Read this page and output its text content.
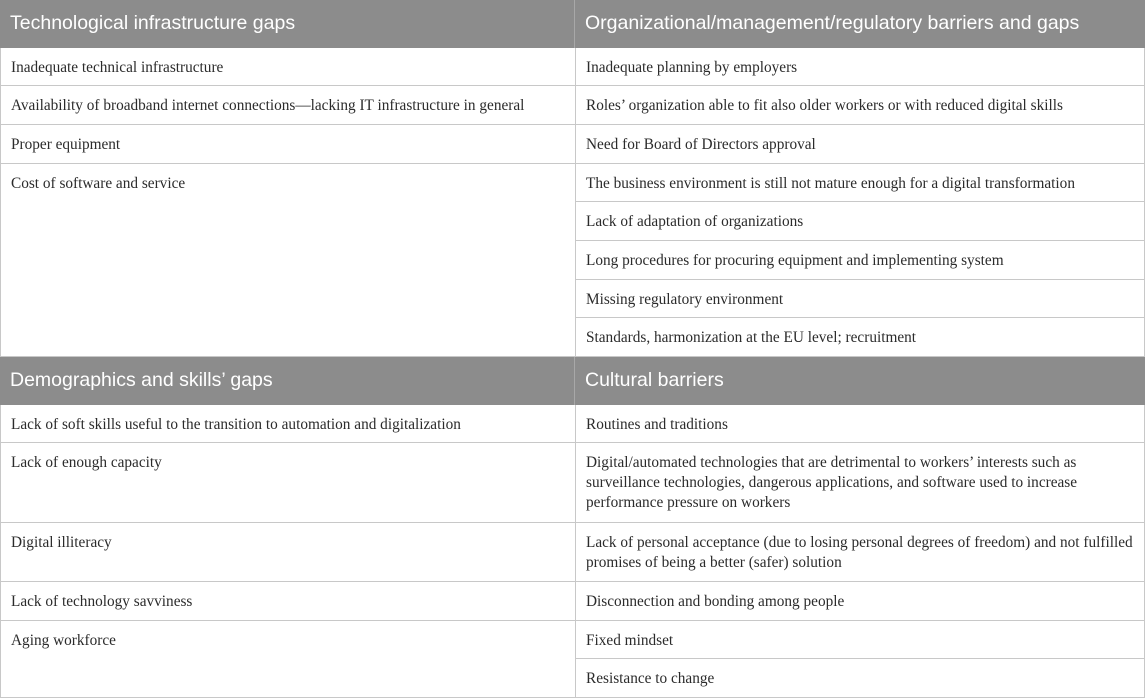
Technological infrastructure gaps	Organizational/management/regulatory barriers and gaps
Inadequate technical infrastructure
Availability of broadband internet connections—lacking IT infrastructure in general
Proper equipment
Cost of software and service
Inadequate planning by employers
Roles’ organization able to fit also older workers or with reduced digital skills
Need for Board of Directors approval
The business environment is still not mature enough for a digital transformation
Lack of adaptation of organizations
Long procedures for procuring equipment and implementing system
Missing regulatory environment
Standards, harmonization at the EU level; recruitment
Demographics and skills’ gaps	Cultural barriers
Lack of soft skills useful to the transition to automation and digitalization
Lack of enough capacity
Digital illiteracy
Lack of technology savviness
Aging workforce
Routines and traditions
Digital/automated technologies that are detrimental to workers’ interests such as surveillance technologies, dangerous applications, and software used to increase performance pressure on workers
Lack of personal acceptance (due to losing personal degrees of freedom) and not fulfilled promises of being a better (safer) solution
Disconnection and bonding among people
Fixed mindset
Resistance to change
